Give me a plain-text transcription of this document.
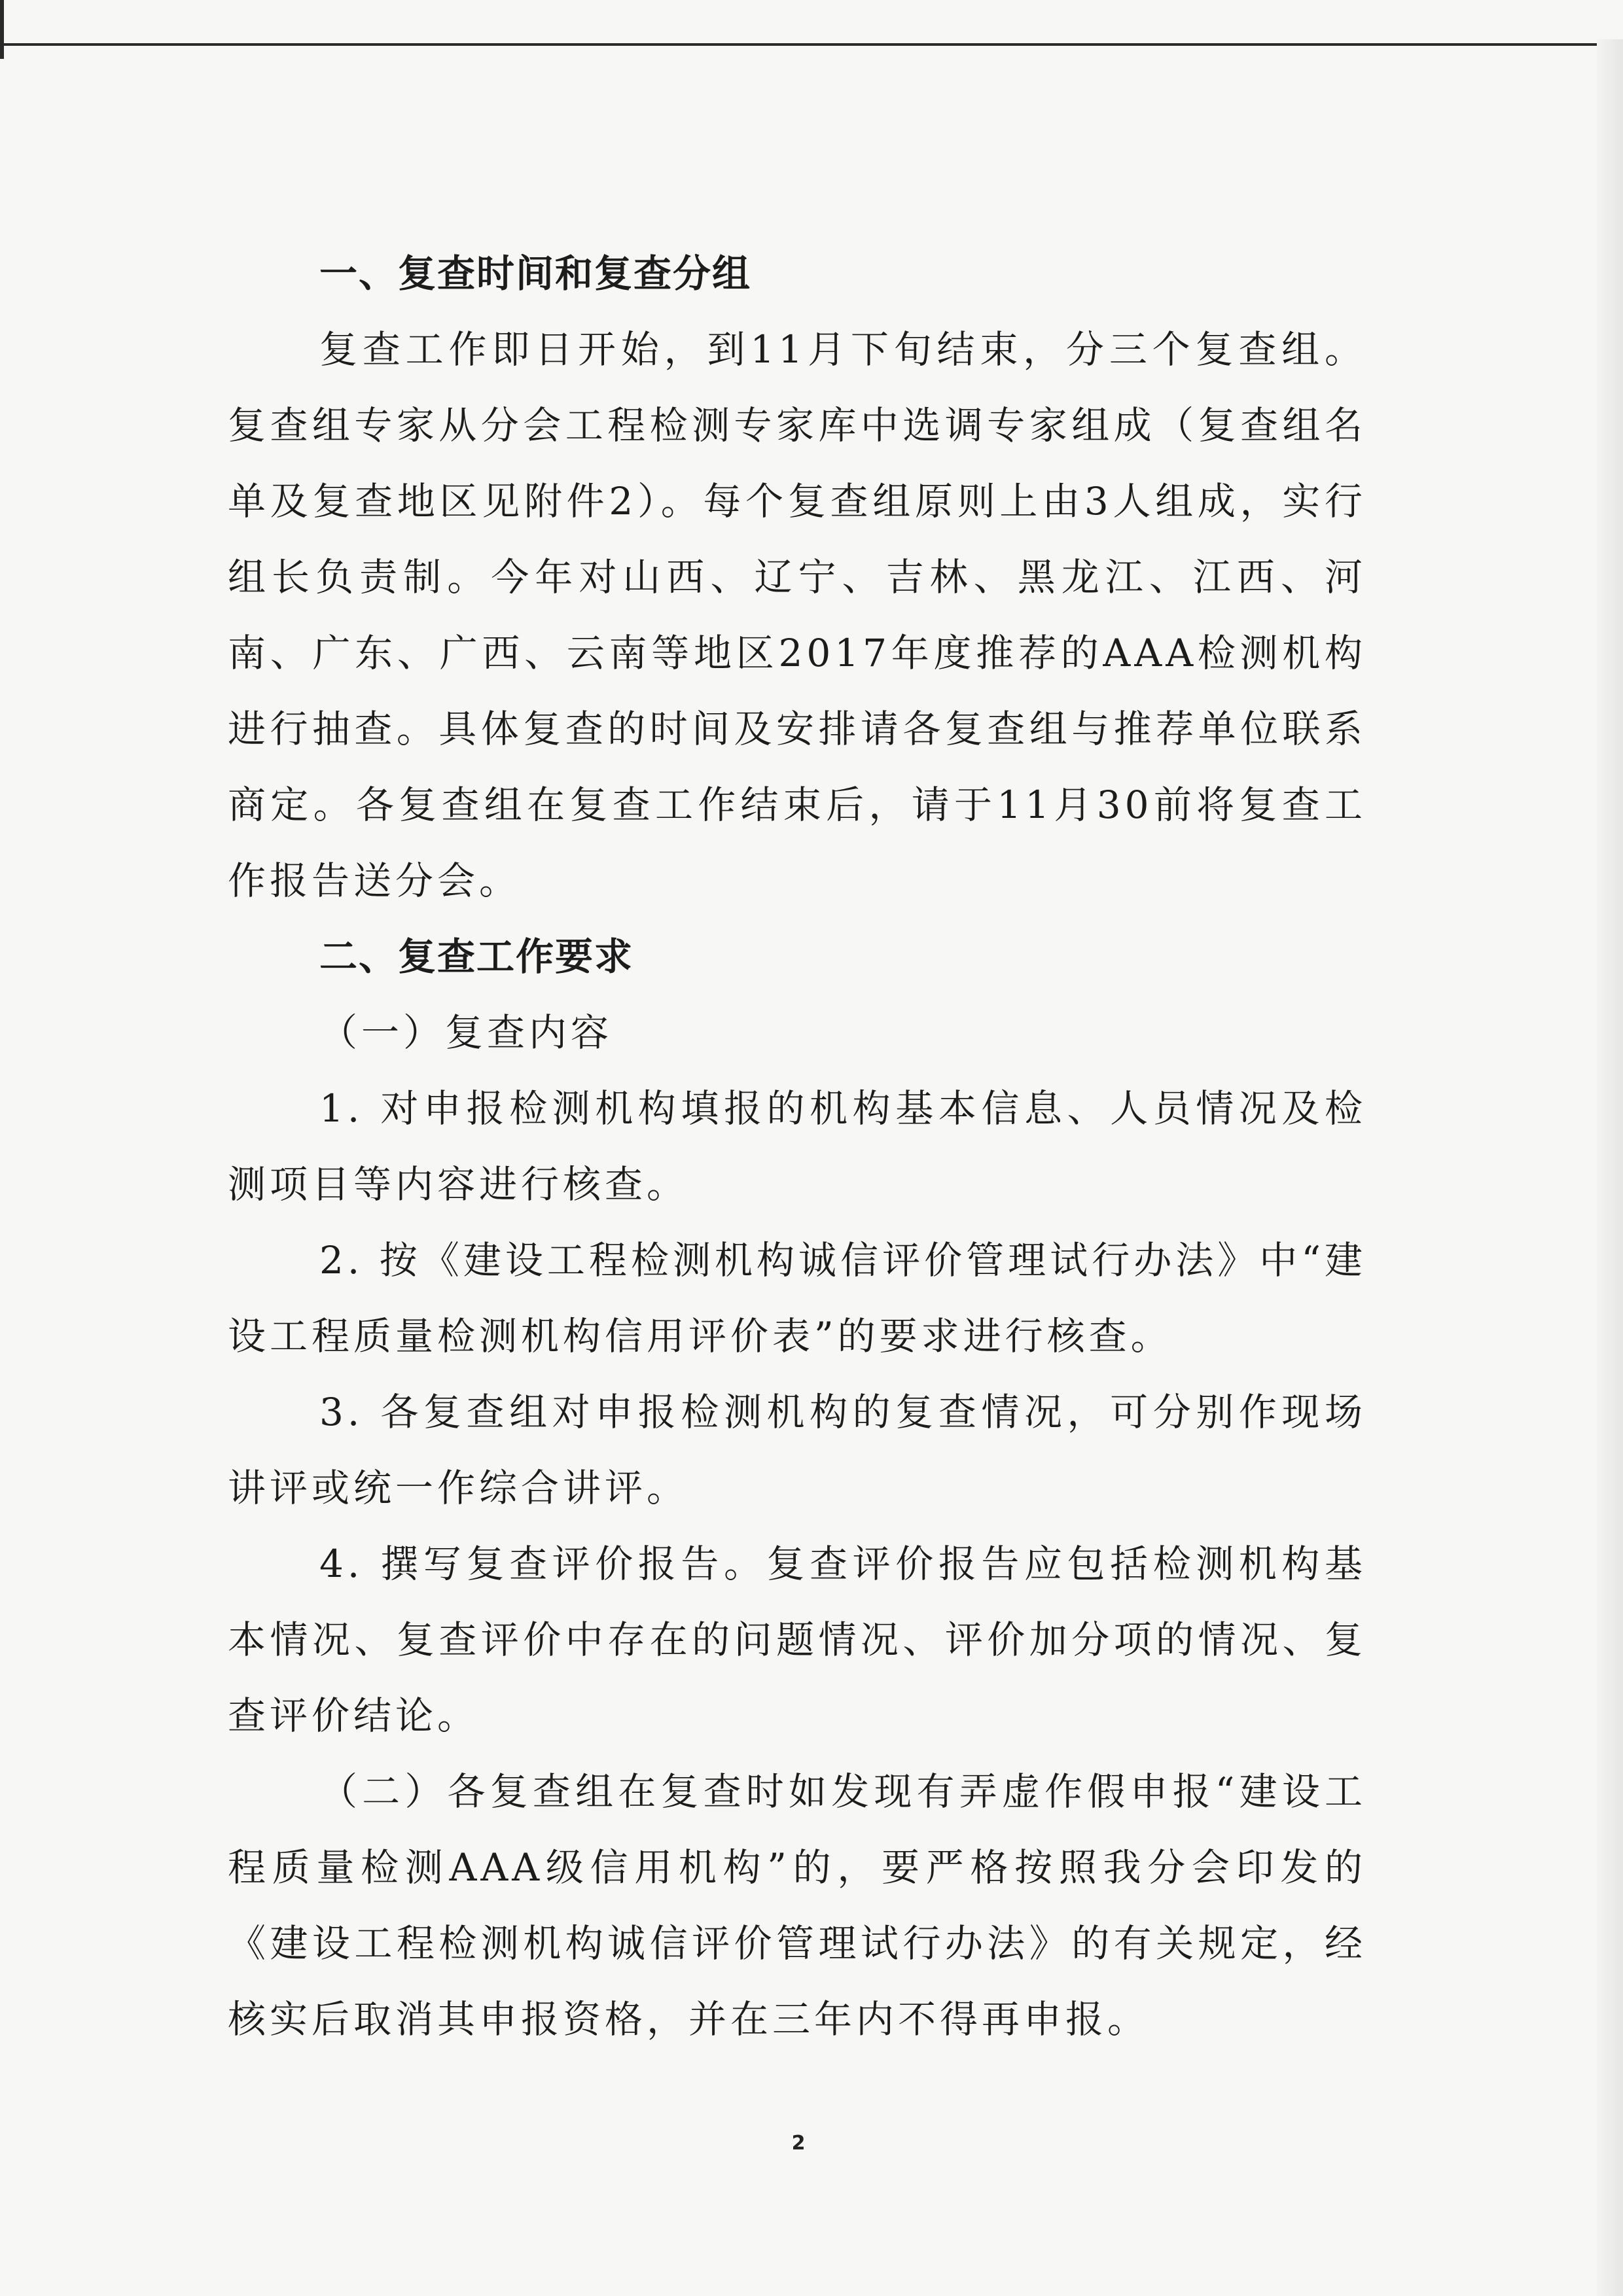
一、复查时间和复查分组

复查工作即日开始，到11月下旬结束，分三个复查组。复查组专家从分会工程检测专家库中选调专家组成（复查组名单及复查地区见附件2）。每个复查组原则上由3人组成，实行组长负责制。今年对山西、辽宁、吉林、黑龙江、江西、河南、广东、广西、云南等地区2017年度推荐的AAA检测机构进行抽查。具体复查的时间及安排请各复查组与推荐单位联系商定。各复查组在复查工作结束后，请于11月30前将复查工作报告送分会。

二、复查工作要求

（一）复查内容

1. 对申报检测机构填报的机构基本信息、人员情况及检测项目等内容进行核查。

2. 按《建设工程检测机构诚信评价管理试行办法》中“建设工程质量检测机构信用评价表”的要求进行核查。

3. 各复查组对申报检测机构的复查情况，可分别作现场讲评或统一作综合讲评。

4. 撰写复查评价报告。复查评价报告应包括检测机构基本情况、复查评价中存在的问题情况、评价加分项的情况、复查评价结论。

（二）各复查组在复查时如发现有弄虚作假申报“建设工程质量检测AAA级信用机构”的，要严格按照我分会印发的《建设工程检测机构诚信评价管理试行办法》的有关规定，经核实后取消其申报资格，并在三年内不得再申报。

2
